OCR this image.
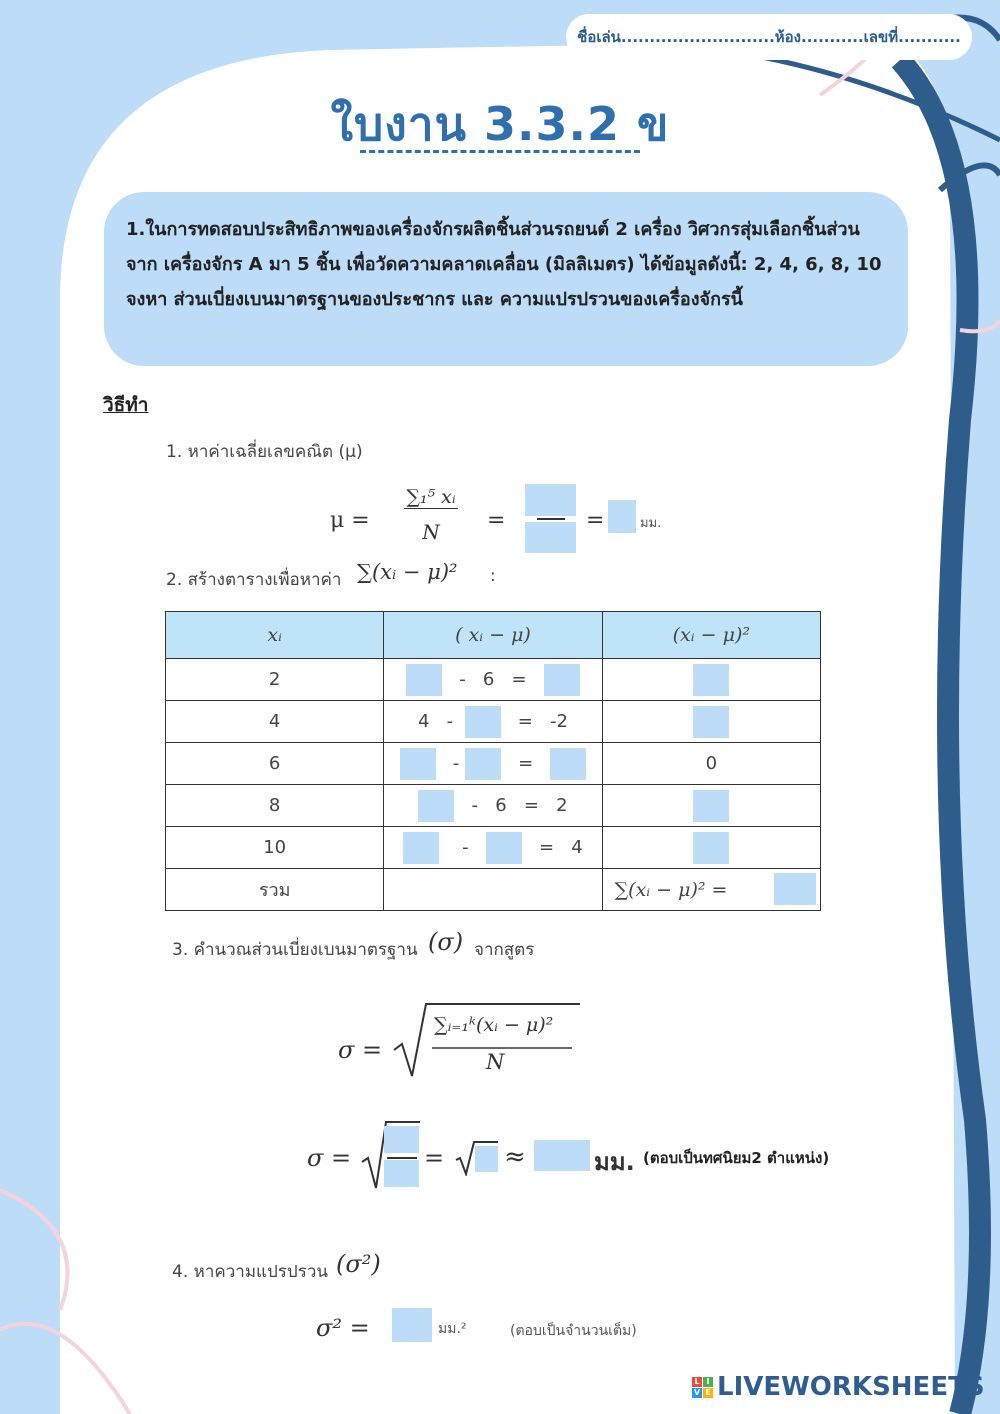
ชื่อเล่น...........................ห้อง...........เลขที่...........
ใบงาน 3.3.2 ข
1.ในการทดสอบประสิทธิภาพของเครื่องจักรผลิตชิ้นส่วนรถยนต์ 2 เครื่อง วิศวกรสุ่มเลือกชิ้นส่วนจาก เครื่องจักร A มา 5 ชิ้น เพื่อวัดความคลาดเคลื่อน (มิลลิเมตร) ได้ข้อมูลดังนี้: 2, 4, 6, 8, 10 จงหา ส่วนเบี่ยงเบนมาตรฐานของประชากร และ ความแปรปรวนของเครื่องจักรนี้
วิธีทำ
1. หาค่าเฉลี่ยเลขคณิต (μ)
μ =
∑₁⁵ xᵢ
N	=	=	มม.
2. สร้างตารางเพื่อหาค่า ∑(xᵢ − μ)² :
xᵢ	( xᵢ − μ)	(xᵢ − μ)²
2	- 6 =	
4	4 - = -2	
6	- =	0
8	- 6 = 2	
10	- = 4	
รวม		∑(xᵢ − μ)² =
3. คำนวณส่วนเบี่ยงเบนมาตรฐาน (σ) จากสูตร
σ =
∑ᵢ₌₁ᵏ(xᵢ − μ)²
N
σ =	= ≈	มม. (ตอบเป็นทศนิยม2 ตำแหน่ง)
4. หาความแปรปรวน (σ²)
σ² =	มม.²	(ตอบเป็นจำนวนเต็ม)
L I
V E LIVEWORKSHEETS
